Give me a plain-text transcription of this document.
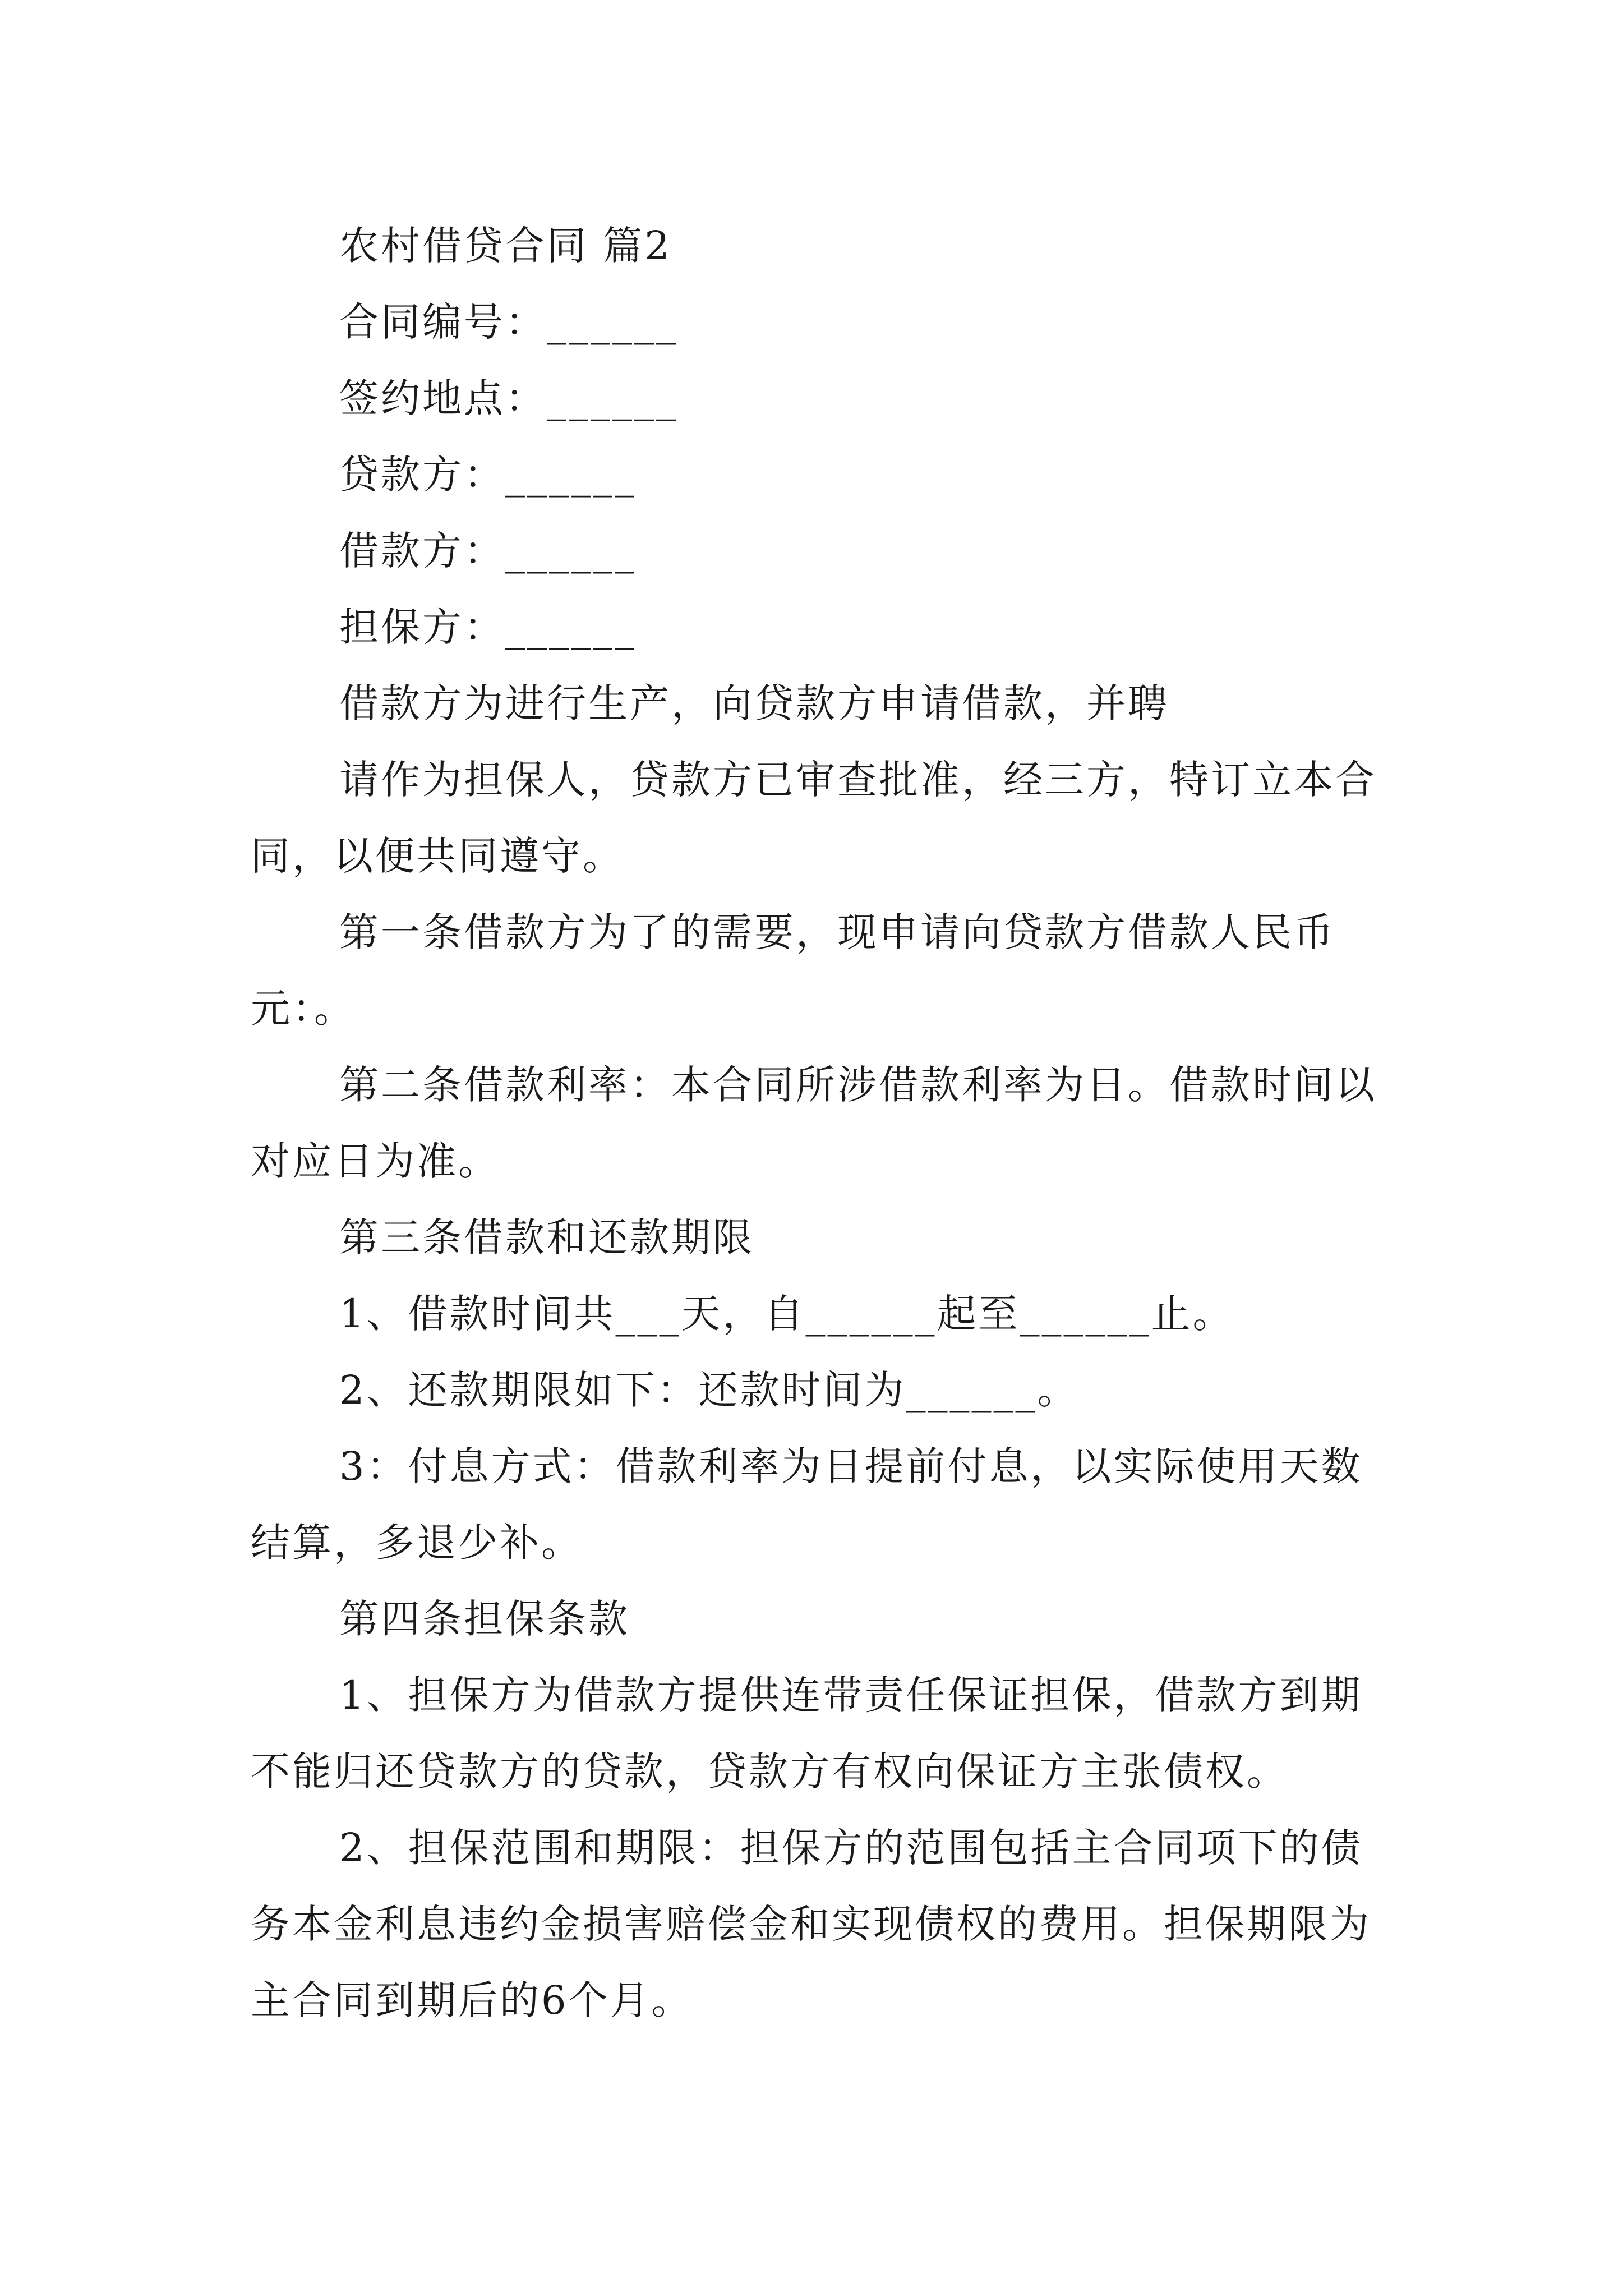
农村借贷合同 篇2

合同编号：______

签约地点：______

贷款方：______

借款方：______

担保方：______

借款方为进行生产，向贷款方申请借款，并聘

请作为担保人，贷款方已审查批准，经三方，特订立本合同，以便共同遵守。

第一条借款方为了的需要，现申请向贷款方借款人民币元：。

第二条借款利率：本合同所涉借款利率为日。借款时间以对应日为准。

第三条借款和还款期限

1、借款时间共___天，自______起至______止。

2、还款期限如下：还款时间为______。

3：付息方式：借款利率为日提前付息，以实际使用天数结算，多退少补。

第四条担保条款

1、担保方为借款方提供连带责任保证担保，借款方到期不能归还贷款方的贷款，贷款方有权向保证方主张债权。

2、担保范围和期限：担保方的范围包括主合同项下的债务本金利息违约金损害赔偿金和实现债权的费用。担保期限为主合同到期后的6个月。
